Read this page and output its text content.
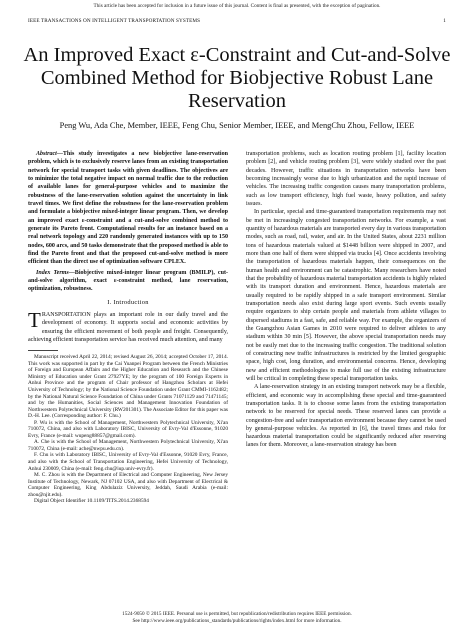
This article has been accepted for inclusion in a future issue of this journal. Content is final as presented, with the exception of pagination.
IEEE TRANSACTIONS ON INTELLIGENT TRANSPORTATION SYSTEMS	1
An Improved Exact ε-Constraint and Cut-and-Solve Combined Method for Biobjective Robust Lane Reservation
Peng Wu, Ada Che, Member, IEEE, Feng Chu, Senior Member, IEEE, and MengChu Zhou, Fellow, IEEE

Abstract—This study investigates a new biobjective lane-reservation problem, which is to exclusively reserve lanes from an existing transportation network for special transport tasks with given deadlines. The objectives are to minimize the total negative impact on normal traffic due to the reduction of available lanes for general-purpose vehicles and to maximize the robustness of the lane-reservation solution against the uncertainty in link travel times. We first define the robustness for the lane-reservation problem and formulate a biobjective mixed-integer linear program. Then, we develop an improved exact ε-constraint and a cut-and-solve combined method to generate its Pareto front. Computational results for an instance based on a real network topology and 220 randomly generated instances with up to 150 nodes, 600 arcs, and 50 tasks demonstrate that the proposed method is able to find the Pareto front and that the proposed cut-and-solve method is more efficient than the direct use of optimization software CPLEX.

Index Terms—Biobjective mixed-integer linear program (BMILP), cut-and-solve algorithm, exact ε-constraint method, lane reservation, optimization, robustness.

I. Introduction

TRANSPORTATION plays an important role in our daily travel and the development of economy. It supports social and economic activities by ensuring the efficient movement of both people and freight. Consequently, achieving efficient transportation service has received much attention, and many

Manuscript received April 22, 2014; revised August 26, 2014; accepted October 17, 2014. This work was supported in part by the Cai Yuanpei Program between the French Ministries of Foreign and European Affairs and the Higher Education and Research and the Chinese Ministry of Education under Grant 27927YE; by the program of 100 Foreign Experts in Anhui Province and the program of Chair professor of Hangzhou Scholars at Hefei University of Technology; by the National Science Foundation under Grant CMMI-1162482; by the National Natural Science Foundation of China under Grants 71071129 and 71471145; and by the Humanities, Social Sciences and Management Innovation Foundation of Northwestern Polytechnical University (RW201301). The Associate Editor for this paper was D.-H. Lee. (Corresponding author: F. Chu.)

P. Wu is with the School of Management, Northwestern Polytechnical University, Xi'an 710072, China, and also with Laboratory IBISC, University of Evry-Val d'Essonne, 91020 Evry, France (e-mail: wupeng88857@gmail.com).

A. Che is with the School of Management, Northwestern Polytechnical University, Xi'an 710072, China (e-mail: ache@nwpu.edu.cn).

F. Chu is with Laboratory IBISC, University of Evry-Val d'Essonne, 91020 Evry, France, and also with the School of Transportation Engineering, Hefei University of Technology, Anhui 230009, China (e-mail: feng.chu@iup.univ-evry.fr).

M. C. Zhou is with the Department of Electrical and Computer Engineering, New Jersey Institute of Technology, Newark, NJ 07102 USA, and also with Department of Electrical & Computer Engineering, King Abdulaziz University, Jeddah, Saudi Arabia (e-mail: zhou@njit.edu).

Digital Object Identifier 10.1109/TITS.2014.2368594

transportation problems, such as location routing problem [1], facility location problem [2], and vehicle routing problem [3], were widely studied over the past decades. However, traffic situations in transportation networks have been becoming increasingly worse due to high urbanization and the rapid increase of vehicles. The increasing traffic congestion causes many transportation problems, such as low transport efficiency, high fuel waste, heavy pollution, and safety issues.

In particular, special and time-guaranteed transportation requirements may not be met in increasingly congested transportation networks. For example, a vast quantity of hazardous materials are transported every day in various transportation modes, such as road, rail, water, and air. In the United States, about 2231 million tons of hazardous materials valued at $1448 billion were shipped in 2007, and more than one half of them were shipped via trucks [4]. Once accidents involving the transportation of hazardous materials happen, their consequences on the human health and environment can be catastrophic. Many researchers have noted that the probability of hazardous material transportation accidents is highly related with its transport duration and environment. Hence, hazardous materials are usually required to be rapidly shipped in a safe transport environment. Similar transportation needs also exist during large sport events. Such events usually require organizers to ship certain people and materials from athlete villages to dispersed stadiums in a fast, safe, and reliable way. For example, the organizers of the Guangzhou Asian Games in 2010 were required to deliver athletes to any stadium within 30 min [5]. However, the above special transportation needs may not be easily met due to the increasing traffic congestion. The traditional solution of constructing new traffic infrastructures is restricted by the limited geographic space, high cost, long duration, and environmental concerns. Hence, developing new and efficient methodologies to make full use of the existing infrastructure will be critical in completing these special transportation tasks.

A lane-reservation strategy in an existing transport network may be a flexible, efficient, and economic way in accomplishing these special and time-guaranteed transportation tasks. It is to choose some lanes from the existing transportation network to be reserved for special needs. These reserved lanes can provide a congestion-free and safer transportation environment because they cannot be used by general-purpose vehicles. As reported in [6], the travel times and risks for hazardous material transportation could be significantly reduced after reserving lanes for them. Moreover, a lane-reservation strategy has been

1524-9050 © 2015 IEEE. Personal use is permitted, but republication/redistribution requires IEEE permission.
See http://www.ieee.org/publications_standards/publications/rights/index.html for more information.
